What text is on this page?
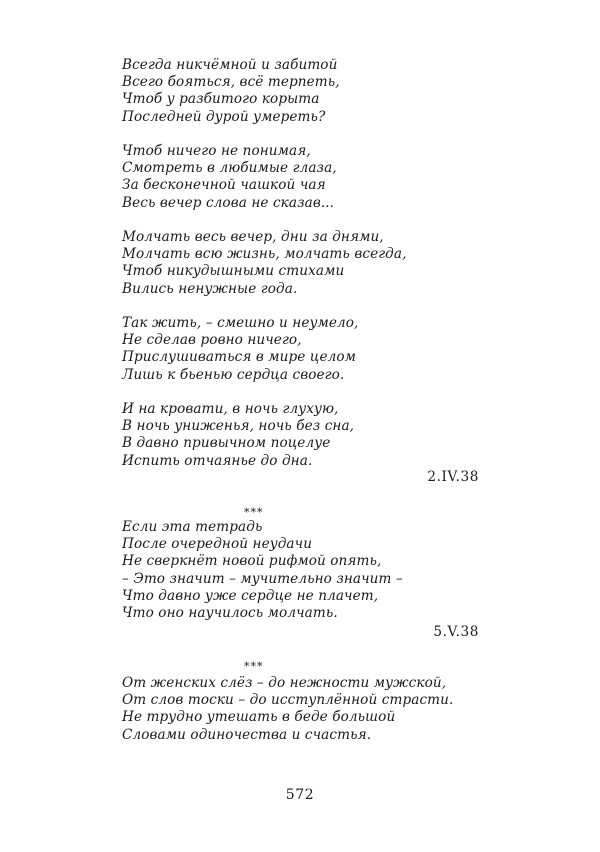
Всегда никчёмной и забитой
Всего бояться, всё терпеть,
Чтоб у разбитого корыта
Последней дурой умереть?
Чтоб ничего не понимая,
Смотреть в любимые глаза,
За бесконечной чашкой чая
Весь вечер слова не сказав...
Молчать весь вечер, дни за днями,
Молчать всю жизнь, молчать всегда,
Чтоб никудышными стихами
Вились ненужные года.
Так жить, – смешно и неумело,
Не сделав ровно ничего,
Прислушиваться в мире целом
Лишь к бьенью сердца своего.
И на кровати, в ночь глухую,
В ночь униженья, ночь без сна,
В давно привычном поцелуе
Испить отчаянье до дна.
2.IV.38
***
Если эта тетрадь
После очередной неудачи
Не сверкнёт новой рифмой опять,
– Это значит – мучительно значит –
Что давно уже сердце не плачет,
Что оно научилось молчать.
5.V.38
***
От женских слёз – до нежности мужской,
От слов тоски – до исступлённой страсти.
Не трудно утешать в беде большой
Словами одиночества и счастья.
572
